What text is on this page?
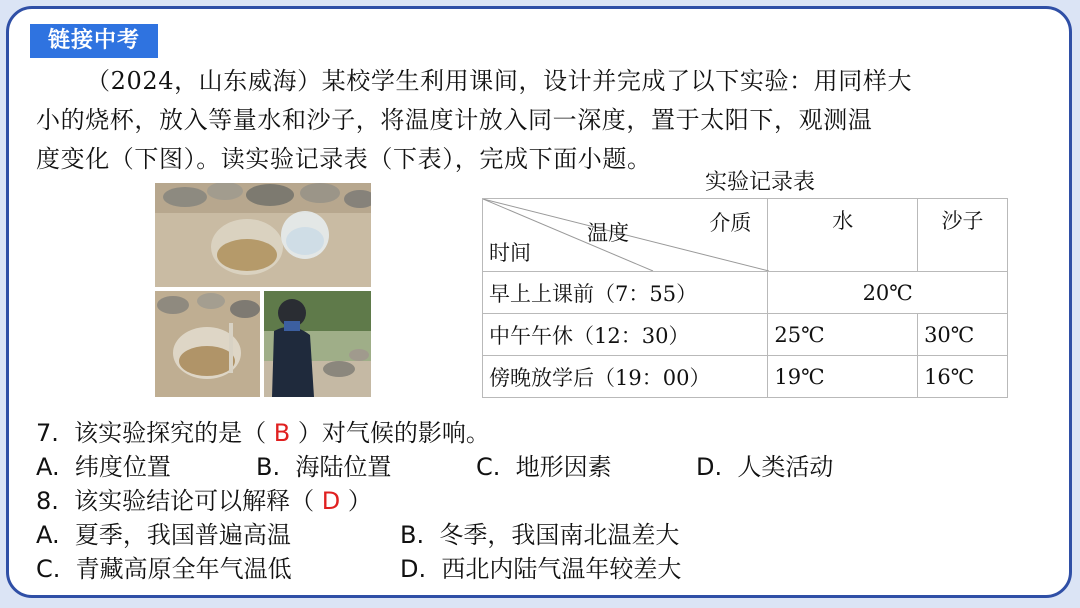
链接中考
（2024，山东威海）某校学生利用课间，设计并完成了以下实验：用同样大
小的烧杯，放入等量水和沙子，将温度计放入同一深度，置于太阳下，观测温
度变化（下图）。读实验记录表（下表），完成下面小题。
实验记录表
介质
温度
时间	水	沙子
早上上课前（7：55）	20℃	
中午午休（12：30）	25℃	30℃
傍晚放学后（19：00）	19℃	16℃
7.  该实验探究的是（ B ）对气候的影响。
A.  纬度位置	B.  海陆位置	C.  地形因素	D.  人类活动
8.  该实验结论可以解释（ D ）
A.  夏季，我国普遍高温	B.  冬季，我国南北温差大
C.  青藏高原全年气温低	D.  西北内陆气温年较差大
